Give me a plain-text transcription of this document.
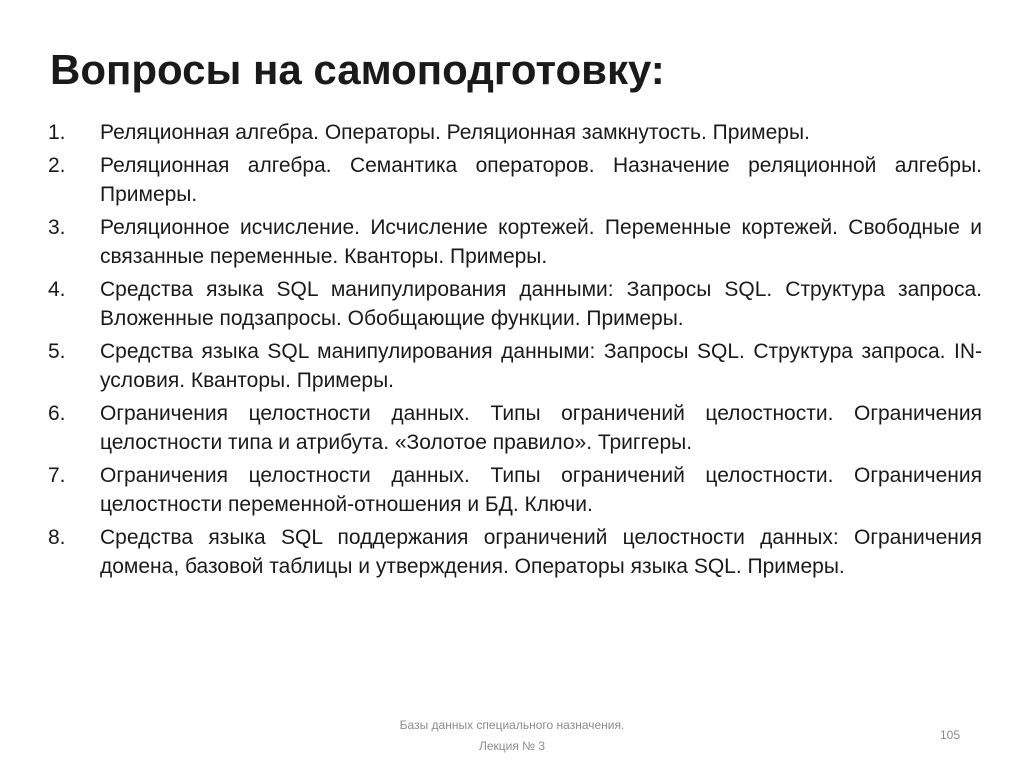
Вопросы на самоподготовку:
1.	Реляционная алгебра. Операторы. Реляционная замкнутость. Примеры.
2.	Реляционная алгебра. Семантика операторов. Назначение реляционной алгебры. Примеры.
3.	Реляционное исчисление. Исчисление кортежей. Переменные кортежей. Свободные и связанные переменные. Кванторы. Примеры.
4.	Средства языка SQL манипулирования данными: Запросы SQL. Структура запроса. Вложенные подзапросы. Обобщающие функции. Примеры.
5.	Средства языка SQL манипулирования данными: Запросы SQL. Структура запроса. IN-условия. Кванторы. Примеры.
6.	Ограничения целостности данных. Типы ограничений целостности. Ограничения целостности типа и атрибута. «Золотое правило». Триггеры.
7.	Ограничения целостности данных. Типы ограничений целостности. Ограничения целостности переменной-отношения и БД. Ключи.
8.	Средства языка SQL поддержания ограничений целостности данных: Ограничения домена, базовой таблицы и утверждения. Операторы языка SQL. Примеры.
Базы данных специального назначения.
Лекция № 3
105
